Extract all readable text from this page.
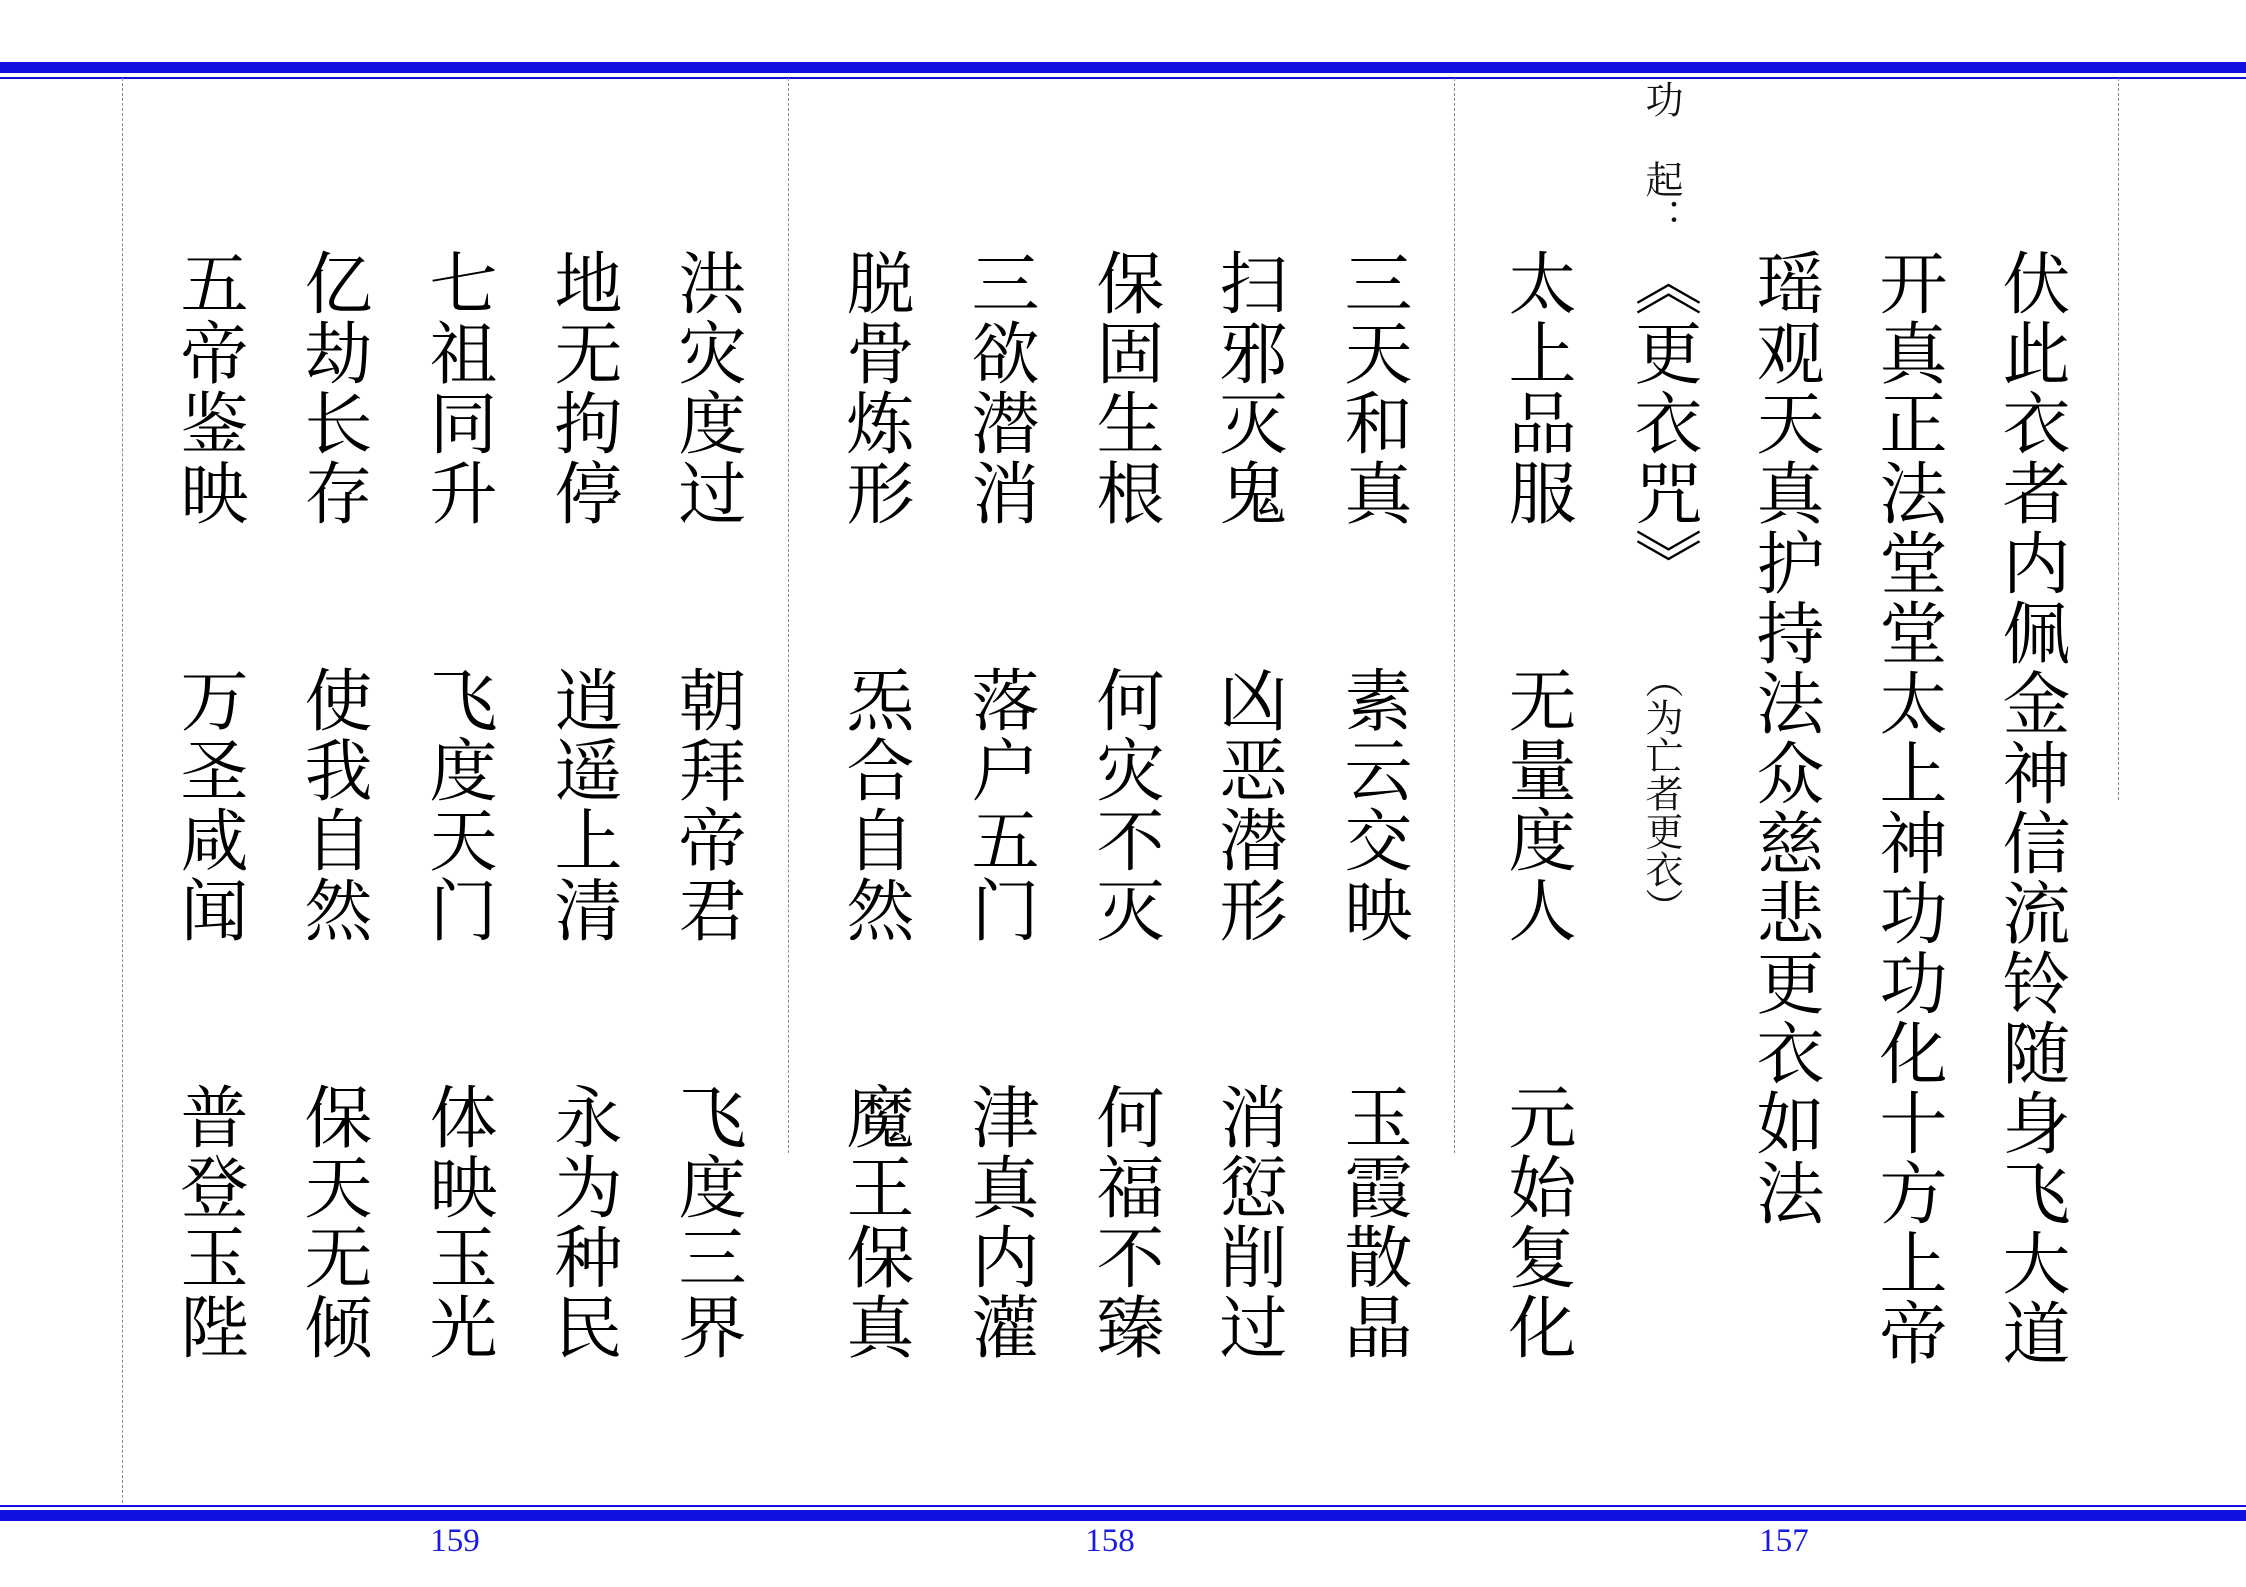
伏此衣者内佩金神信流铃随身飞大道
开真正法堂堂太上神功功化十方上帝
瑶观天真护持法众慈悲更衣如法
功
起：
《更衣咒》
（为亡者更衣）
太上品服
无量度人
元始复化
三天和真
素云交映
玉霞散晶
扫邪灭鬼
凶恶潜形
消愆削过
保固生根
何灾不灭
何福不臻
三欲潜消
落户五门
津真内灌
脱骨炼形
炁合自然
魔王保真
洪灾度过
朝拜帝君
飞度三界
地无拘停
逍遥上清
永为种民
七祖同升
飞度天门
体映玉光
亿劫长存
使我自然
保天无倾
五帝鉴映
万圣咸闻
普登玉陛
159	158	157
